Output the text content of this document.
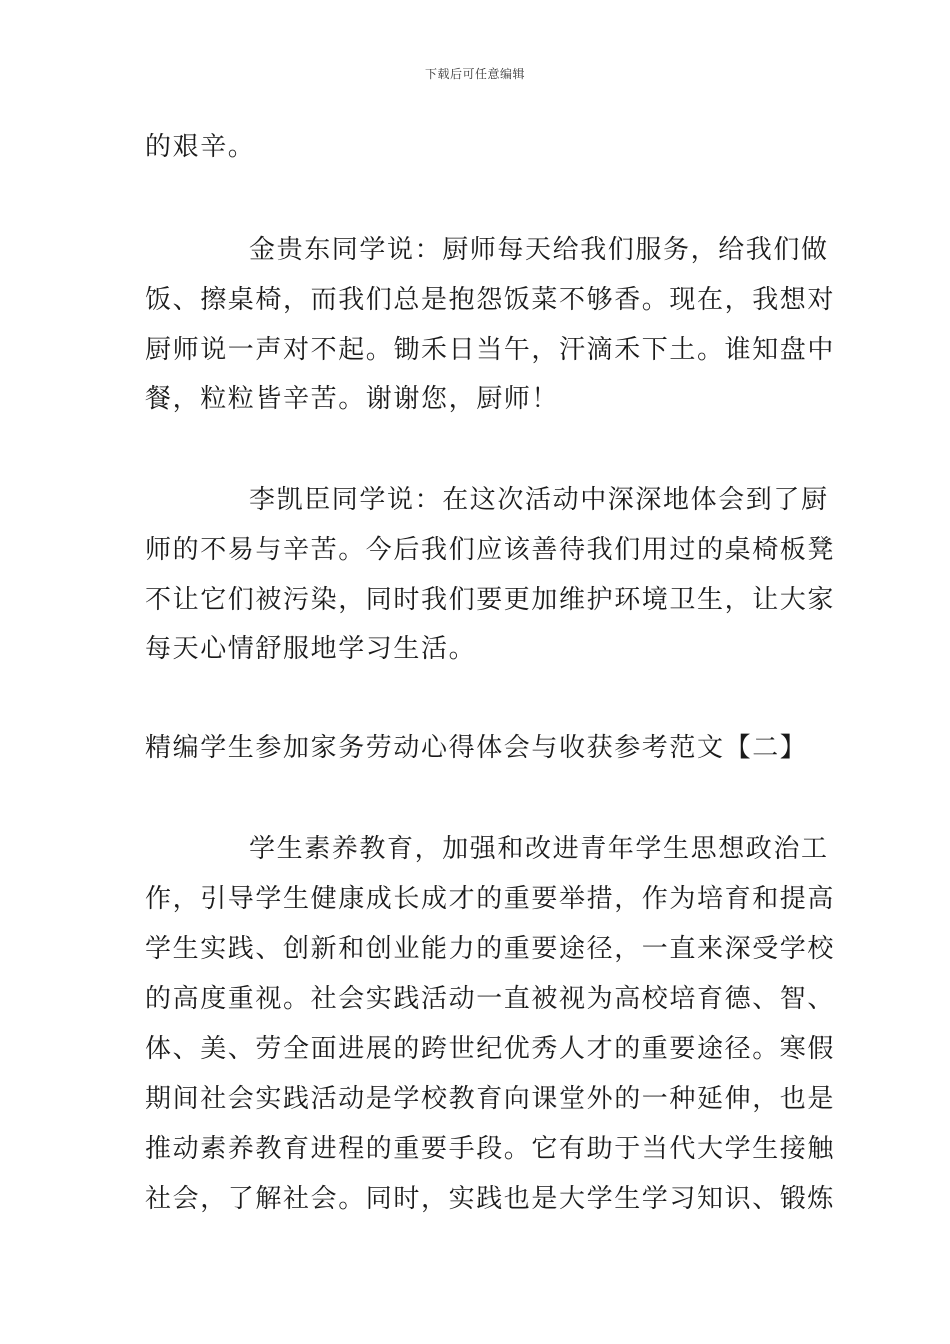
下载后可任意编辑
的艰辛。
金贵东同学说：厨师每天给我们服务，给我们做
饭、擦桌椅，而我们总是抱怨饭菜不够香。现在，我想对
厨师说一声对不起。锄禾日当午，汗滴禾下土。谁知盘中
餐，粒粒皆辛苦。谢谢您，厨师！
李凯臣同学说：在这次活动中深深地体会到了厨
师的不易与辛苦。今后我们应该善待我们用过的桌椅板凳
不让它们被污染，同时我们要更加维护环境卫生，让大家
每天心情舒服地学习生活。
精编学生参加家务劳动心得体会与收获参考范文【二】
学生素养教育，加强和改进青年学生思想政治工
作，引导学生健康成长成才的重要举措，作为培育和提高
学生实践、创新和创业能力的重要途径，一直来深受学校
的高度重视。社会实践活动一直被视为高校培育德、智、
体、美、劳全面进展的跨世纪优秀人才的重要途径。寒假
期间社会实践活动是学校教育向课堂外的一种延伸，也是
推动素养教育进程的重要手段。它有助于当代大学生接触
社会，了解社会。同时，实践也是大学生学习知识、锻炼
